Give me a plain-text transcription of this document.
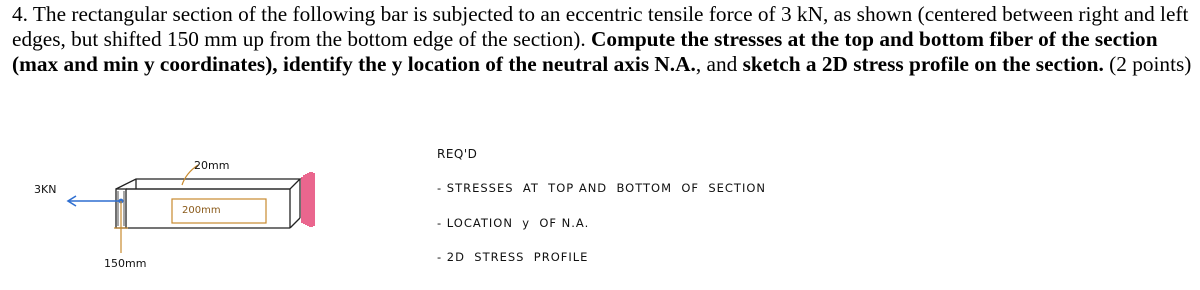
4. The rectangular section of the following bar is subjected to an eccentric tensile force of 3 kN, as shown (centered between right and left edges, but shifted 150 mm up from the bottom edge of the section). Compute the stresses at the top and bottom fiber of the section (max and min y coordinates), identify the y location of the neutral axis N.A., and sketch a 2D stress profile on the section. (2 points)
3KN
20mm
200mm
150mm
REQ'D
- STRESSES  AT  TOP AND  BOTTOM  OF  SECTION
- LOCATION  y  OF N.A.
- 2D  STRESS  PROFILE
